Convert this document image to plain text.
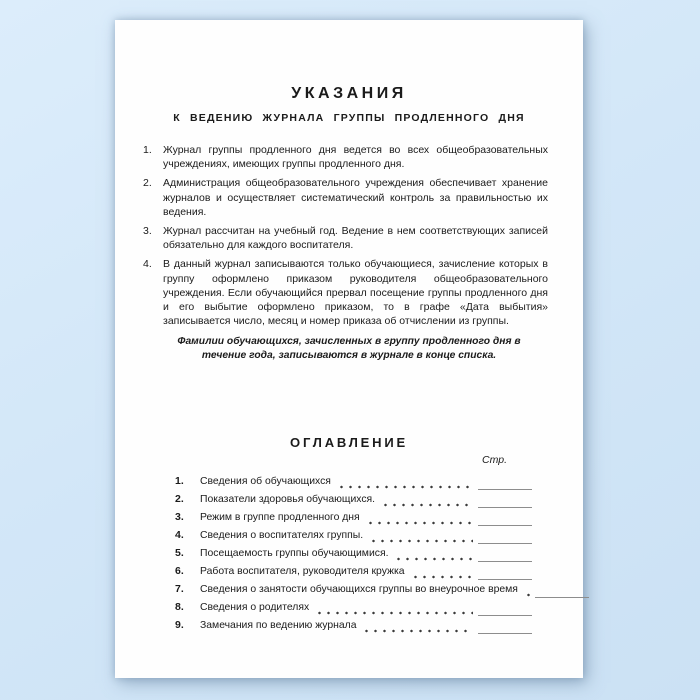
УКАЗАНИЯ
К ВЕДЕНИЮ ЖУРНАЛА ГРУППЫ ПРОДЛЕННОГО ДНЯ
1.	Журнал группы продленного дня ведется во всех общеобразовательных учреждениях, имеющих группы продленного дня.
2.	Администрация общеобразовательного учреждения обеспечивает хранение журналов и осуществляет систематический контроль за правильностью их ведения.
3.	Журнал рассчитан на учебный год. Ведение в нем соответствующих записей обязательно для каждого воспитателя.
4.	В данный журнал записываются только обучающиеся, зачисление которых в группу оформлено приказом руководителя общеобразовательного учреждения. Если обучающийся прервал посещение группы продленного дня и его выбытие оформлено приказом, то в графе «Дата выбытия» записывается число, месяц и номер приказа об отчислении из группы.

Фамилии обучающихся, зачисленных в группу продленного дня в течение года, записываются в журнале в конце списка.

ОГЛАВЛЕНИЕ
Стр.
1.	Сведения об обучающихся
2.	Показатели здоровья обучающихся.
3.	Режим в группе продленного дня
4.	Сведения о воспитателях группы.
5.	Посещаемость группы обучающимися.
6.	Работа воспитателя, руководителя кружка
7.	Сведения о занятости обучающихся группы во внеурочное время
8.	Сведения о родителях
9.	Замечания по ведению журнала
